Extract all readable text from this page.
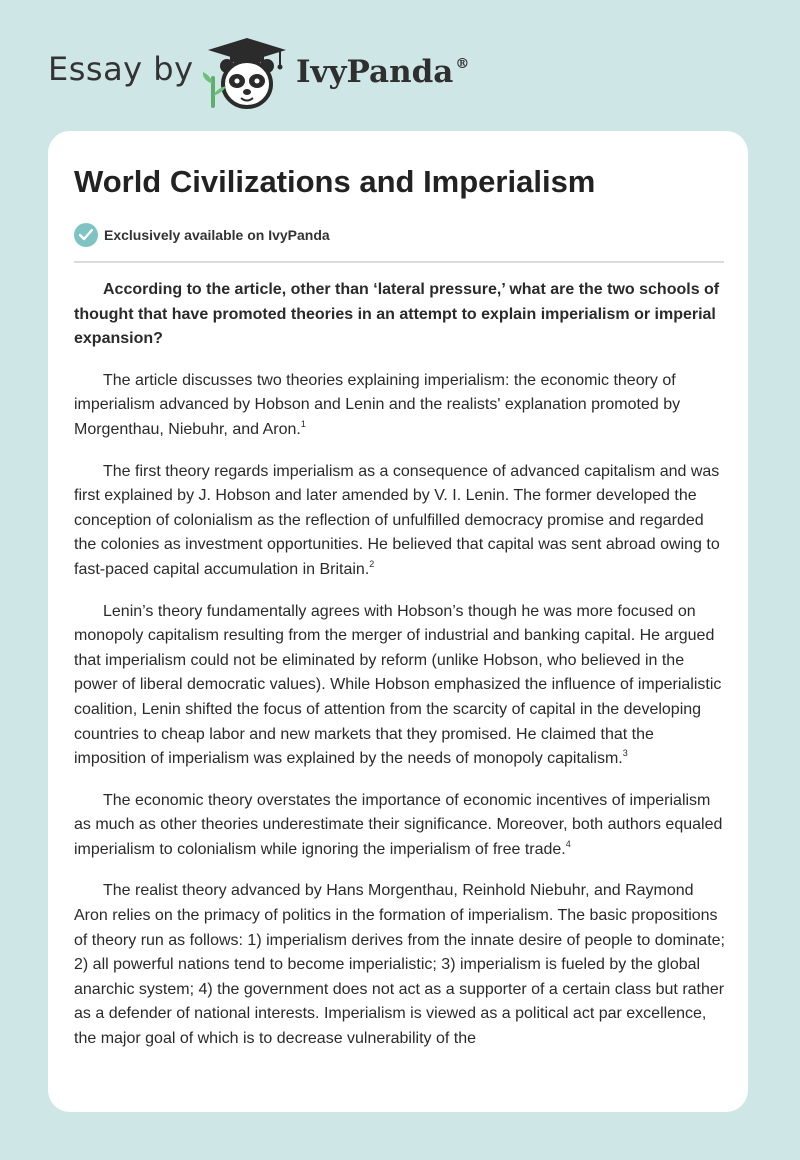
Essay by	IvyPanda ®
World Civilizations and Imperialism
Exclusively available on IvyPanda

According to the article, other than ‘lateral pressure,’ what are the two schools of thought that have promoted theories in an attempt to explain imperialism or imperial expansion?

The article discusses two theories explaining imperialism: the economic theory of imperialism advanced by Hobson and Lenin and the realists' explanation promoted by Morgenthau, Niebuhr, and Aron.$^1$

The first theory regards imperialism as a consequence of advanced capitalism and was first explained by J. Hobson and later amended by V. I. Lenin. The former developed the conception of colonialism as the reflection of unfulfilled democracy promise and regarded the colonies as investment opportunities. He believed that capital was sent abroad owing to fast-paced capital accumulation in Britain.$^2$

Lenin’s theory fundamentally agrees with Hobson’s though he was more focused on monopoly capitalism resulting from the merger of industrial and banking capital. He argued that imperialism could not be eliminated by reform (unlike Hobson, who believed in the power of liberal democratic values). While Hobson emphasized the influence of imperialistic coalition, Lenin shifted the focus of attention from the scarcity of capital in the developing countries to cheap labor and new markets that they promised. He claimed that the imposition of imperialism was explained by the needs of monopoly capitalism.$^3$

The economic theory overstates the importance of economic incentives of imperialism as much as other theories underestimate their significance. Moreover, both authors equaled imperialism to colonialism while ignoring the imperialism of free trade.$^4$

The realist theory advanced by Hans Morgenthau, Reinhold Niebuhr, and Raymond Aron relies on the primacy of politics in the formation of imperialism. The basic propositions of theory run as follows: 1) imperialism derives from the innate desire of people to dominate; 2) all powerful nations tend to become imperialistic; 3) imperialism is fueled by the global anarchic system; 4) the government does not act as a supporter of a certain class but rather as a defender of national interests. Imperialism is viewed as a political act par excellence, the major goal of which is to decrease vulnerability of the
